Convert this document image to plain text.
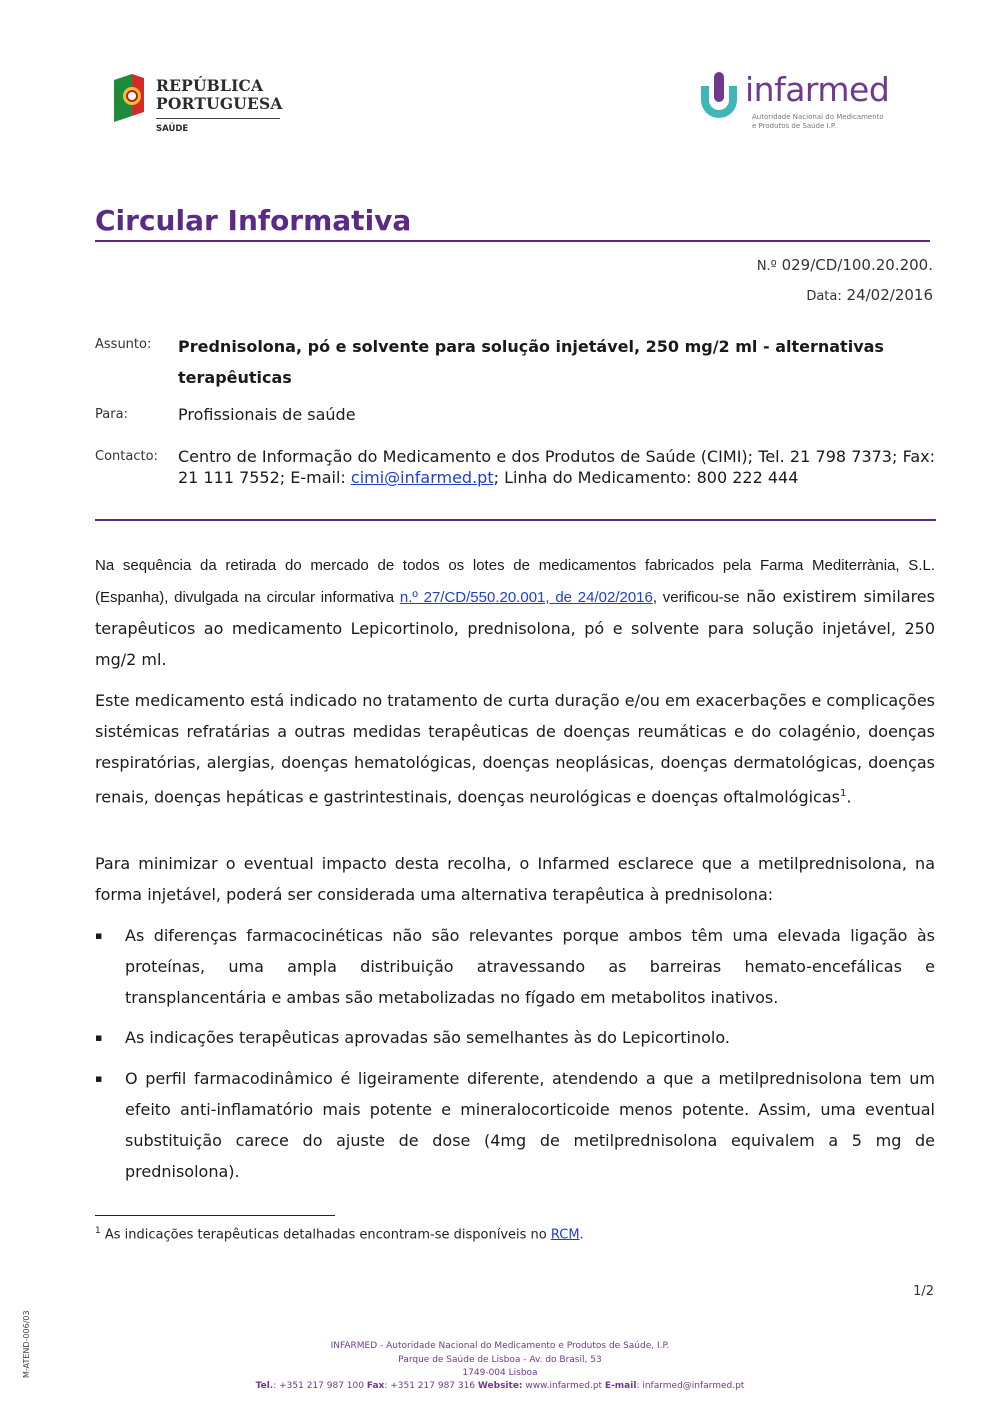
REPÚBLICA
PORTUGUESA
SAÚDE
infarmed
Autoridade Nacional do Medicamento
e Produtos de Saúde I.P.
Circular Informativa
N.º 029/CD/100.20.200.
Data: 24/02/2016
Assunto: Prednisolona, pó e solvente para solução injetável, 250 mg/2 ml - alternativas terapêuticas
Para:	Profissionais de saúde
Contacto: Centro de Informação do Medicamento e dos Produtos de Saúde (CIMI); Tel. 21 798 7373; Fax: 21 111 7552; E-mail: cimi@infarmed.pt; Linha do Medicamento: 800 222 444
Na sequência da retirada do mercado de todos os lotes de medicamentos fabricados pela Farma Mediterrània, S.L. (Espanha), divulgada na circular informativa n.º 27/CD/550.20.001, de 24/02/2016, verificou-se não existirem similares terapêuticos ao medicamento Lepicortinolo, prednisolona, pó e solvente para solução injetável, 250 mg/2 ml.
Este medicamento está indicado no tratamento de curta duração e/ou em exacerbações e complicações sistémicas refratárias a outras medidas terapêuticas de doenças reumáticas e do colagénio, doenças respiratórias, alergias, doenças hematológicas, doenças neoplásicas, doenças dermatológicas, doenças renais, doenças hepáticas e gastrintestinais, doenças neurológicas e doenças oftalmológicas$^1$.
Para minimizar o eventual impacto desta recolha, o Infarmed esclarece que a metilprednisolona, na forma injetável, poderá ser considerada uma alternativa terapêutica à prednisolona:
▪ As diferenças farmacocinéticas não são relevantes porque ambos têm uma elevada ligação às proteínas, uma ampla distribuição atravessando as barreiras hemato-encefálicas e transplancentária e ambas são metabolizadas no fígado em metabolitos inativos.
▪ As indicações terapêuticas aprovadas são semelhantes às do Lepicortinolo.
▪ O perfil farmacodinâmico é ligeiramente diferente, atendendo a que a metilprednisolona tem um efeito anti-inflamatório mais potente e mineralocorticoide menos potente. Assim, uma eventual substituição carece do ajuste de dose (4mg de metilprednisolona equivalem a 5 mg de prednisolona).
$^1$ As indicações terapêuticas detalhadas encontram-se disponíveis no RCM.
1/2
M-ATEND-006/03	INFARMED - Autoridade Nacional do Medicamento e Produtos de Saúde, I.P.
Parque de Saúde de Lisboa - Av. do Brasil, 53
1749-004 Lisboa
Tel.: +351 217 987 100 Fax: +351 217 987 316 Website: www.infarmed.pt E-mail: infarmed@infarmed.pt
